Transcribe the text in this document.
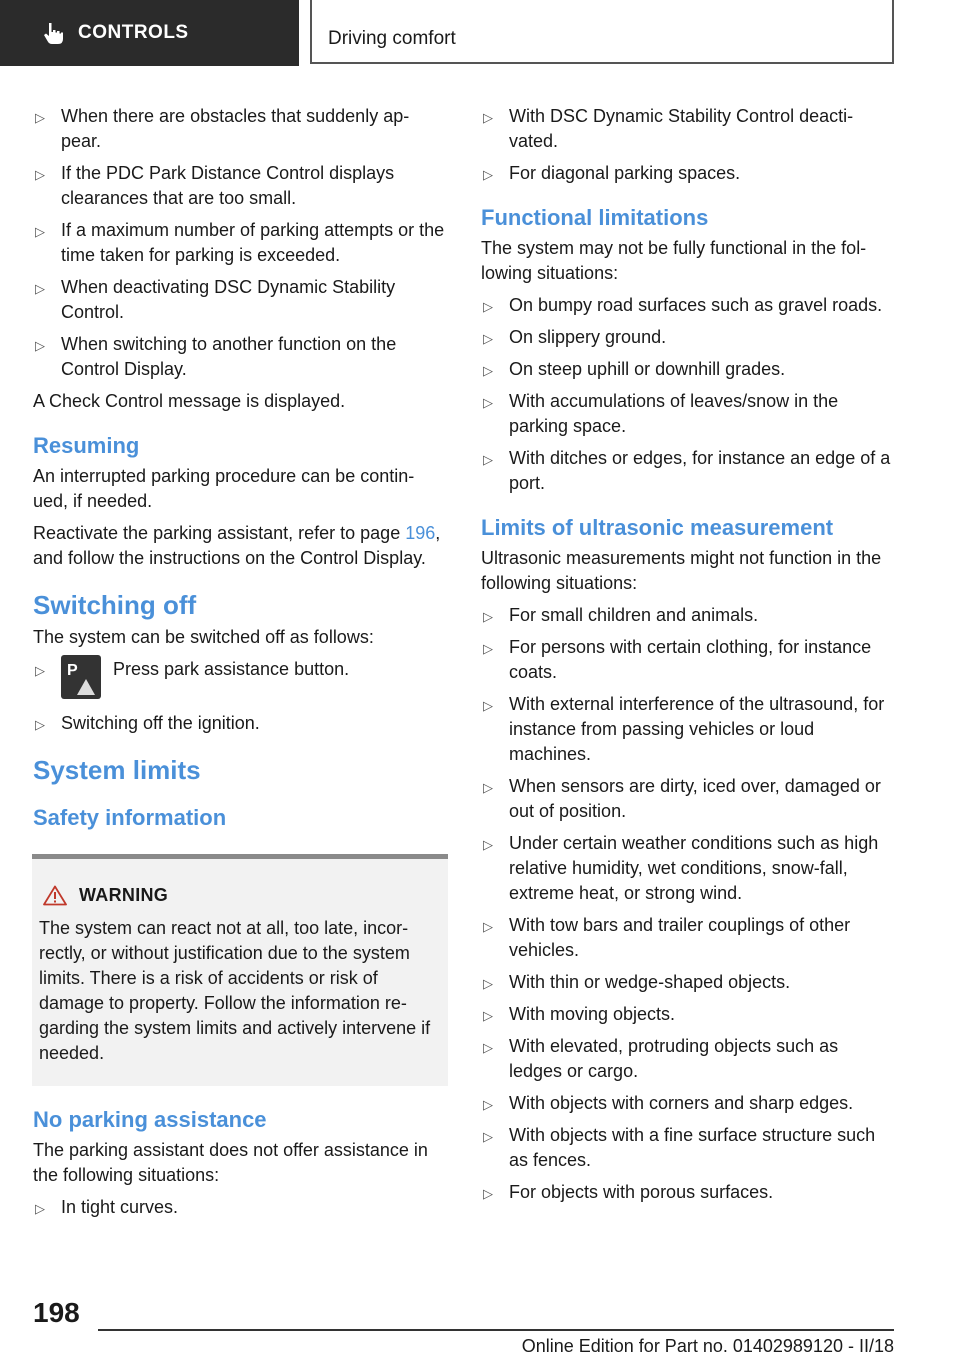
CONTROLS	Driving comfort
▷ When there are obstacles that suddenly ap‐pear.
▷ If the PDC Park Distance Control displays clearances that are too small.
▷ If a maximum number of parking attempts or the time taken for parking is exceeded.
▷ When deactivating DSC Dynamic Stability Control.
▷ When switching to another function on the Control Display.

A Check Control message is displayed.

Resuming

An interrupted parking procedure can be contin‐ued, if needed.

Reactivate the parking assistant, refer to page 196, and follow the instructions on the Control Display.

Switching off

The system can be switched off as follows:

▷	P	Press park assistance button.
▷ Switching off the ignition.
System limits
Safety information
WARNING

The system can react not at all, too late, incor‐rectly, or without justification due to the system limits. There is a risk of accidents or risk of damage to property. Follow the information re‐garding the system limits and actively intervene if needed.

No parking assistance

The parking assistant does not offer assistance in the following situations:

▷ In tight curves.
▷ With DSC Dynamic Stability Control deacti‐vated.
▷ For diagonal parking spaces.
Functional limitations

The system may not be fully functional in the fol‐lowing situations:

▷ On bumpy road surfaces such as gravel roads.
▷ On slippery ground.
▷ On steep uphill or downhill grades.
▷ With accumulations of leaves/snow in the parking space.
▷ With ditches or edges, for instance an edge of a port.
Limits of ultrasonic measurement

Ultrasonic measurements might not function in the following situations:

▷ For small children and animals.
▷ For persons with certain clothing, for instance coats.
▷ With external interference of the ultrasound, for instance from passing vehicles or loud machines.
▷ When sensors are dirty, iced over, damaged or out of position.
▷ Under certain weather conditions such as high relative humidity, wet conditions, snow‐fall, extreme heat, or strong wind.
▷ With tow bars and trailer couplings of other vehicles.
▷ With thin or wedge-shaped objects.
▷ With moving objects.
▷ With elevated, protruding objects such as ledges or cargo.
▷ With objects with corners and sharp edges.
▷ With objects with a fine surface structure such as fences.
▷ For objects with porous surfaces.
198
Online Edition for Part no. 01402989120 - II/18
